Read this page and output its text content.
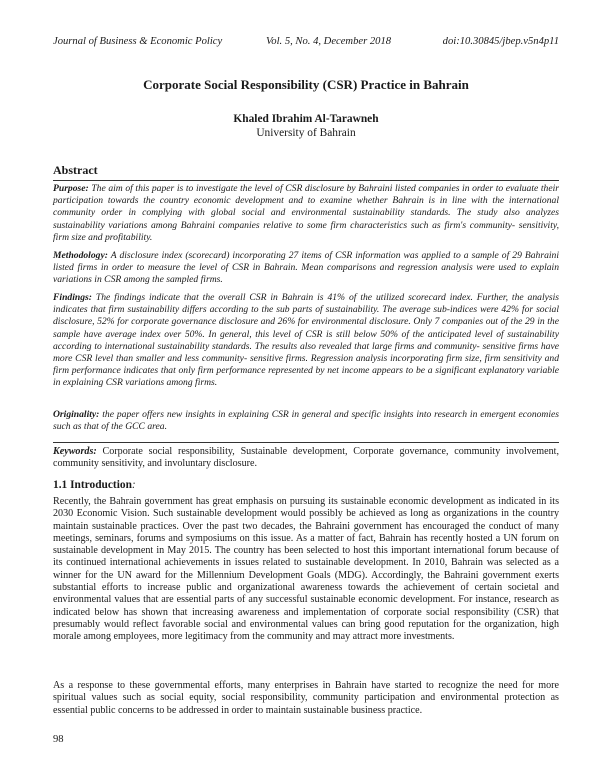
Journal of Business & Economic Policy	Vol. 5, No. 4, December 2018	doi:10.30845/jbep.v5n4p11
Corporate Social Responsibility (CSR) Practice in Bahrain
Khaled Ibrahim Al-Tarawneh
University of Bahrain
Abstract
Purpose: The aim of this paper is to investigate the level of CSR disclosure by Bahraini listed companies in order to evaluate their participation towards the country economic development and to examine whether Bahrain is in line with the international community order in complying with global social and environmental sustainability standards. The study also analyzes sustainability variations among Bahraini companies relative to some firm characteristics such as firm's community- sensitivity, firm size and profitability.
Methodology: A disclosure index (scorecard) incorporating 27 items of CSR information was applied to a sample of 29 Bahraini listed firms in order to measure the level of CSR in Bahrain. Mean comparisons and regression analysis were used to explain variations in CSR among the sampled firms.
Findings: The findings indicate that the overall CSR in Bahrain is 41% of the utilized scorecard index. Further, the analysis indicates that firm sustainability differs according to the sub parts of sustainability. The average sub-indices were 42% for social disclosure, 52% for corporate governance disclosure and 26% for environmental disclosure. Only 7 companies out of the 29 in the sample have average index over 50%. In general, this level of CSR is still below 50% of the anticipated level of sustainability according to international sustainability standards. The results also revealed that large firms and community- sensitive firms have more CSR level than smaller and less community- sensitive firms. Regression analysis incorporating firm size, firm sensitivity and firm performance indicates that only firm performance represented by net income appears to be a significant explanatory variable in explaining CSR variations among firms.
Originality: the paper offers new insights in explaining CSR in general and specific insights into research in emergent economies such as that of the GCC area.
Keywords: Corporate social responsibility, Sustainable development, Corporate governance, community involvement, community sensitivity, and involuntary disclosure.
1.1 Introduction:
Recently, the Bahrain government has great emphasis on pursuing its sustainable economic development as indicated in its 2030 Economic Vision. Such sustainable development would possibly be achieved as long as organizations in the country maintain sustainable practices. Over the past two decades, the Bahraini government has encouraged the conduct of many meetings, seminars, forums and symposiums on this issue. As a matter of fact, Bahrain has recently hosted a UN forum on sustainable development in May 2015. The country has been selected to host this important international forum because of its continued international achievements in issues related to sustainable development. In 2010, Bahrain was selected as a winner for the UN award for the Millennium Development Goals (MDG). Accordingly, the Bahraini government exerts substantial efforts to increase public and organizational awareness towards the achievement of certain societal and environmental values that are essential parts of any successful sustainable economic development. For instance, research as indicated below has shown that increasing awareness and implementation of corporate social responsibility (CSR) that presumably would reflect favorable social and environmental values can bring good reputation for the organization, high morale among employees, more legitimacy from the community and may attract more investments.
As a response to these governmental efforts, many enterprises in Bahrain have started to recognize the need for more spiritual values such as social equity, social responsibility, community participation and environmental protection as essential public concerns to be addressed in order to maintain sustainable business practice.
98
